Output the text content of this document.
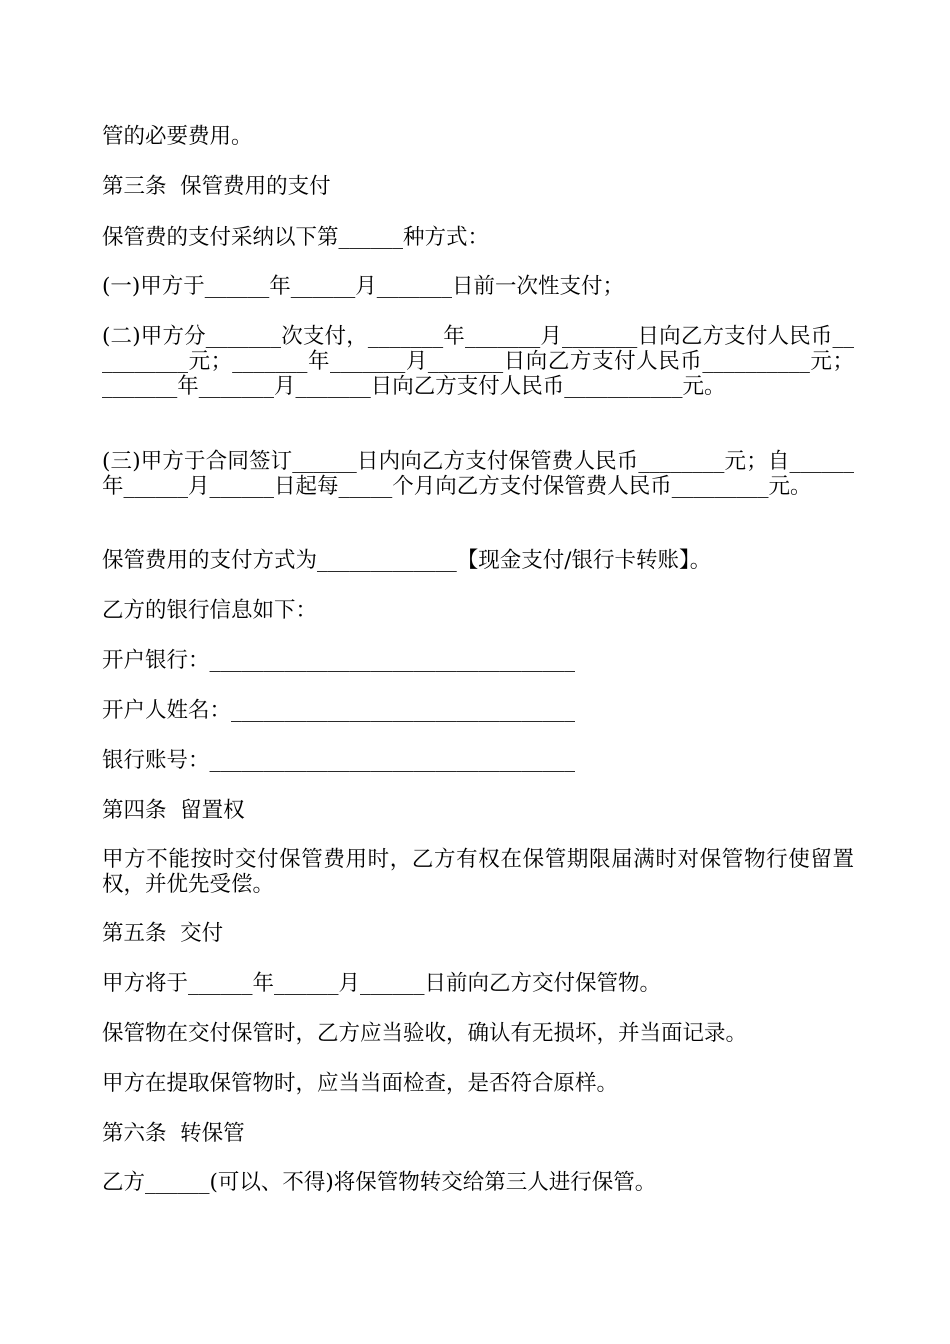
管的必要费用。

第三条  保管费用的支付

保管费的支付采纳以下第______种方式：

(一)甲方于______年______月_______日前一次性支付；

(二)甲方分_______次支付，_______年_______月_______日向乙方支付人民币__________元；_______年_______月_______日向乙方支付人民币__________元；_______年_______月_______日向乙方支付人民币___________元。

(三)甲方于合同签订______日内向乙方支付保管费人民币________元；自______年______月______日起每_____个月向乙方支付保管费人民币_________元。

保管费用的支付方式为_____________【现金支付/银行卡转账】。

乙方的银行信息如下：

开户银行：__________________________________

开户人姓名：________________________________

银行账号：__________________________________

第四条  留置权

甲方不能按时交付保管费用时，乙方有权在保管期限届满时对保管物行使留置权，并优先受偿。

第五条  交付

甲方将于______年______月______日前向乙方交付保管物。

保管物在交付保管时，乙方应当验收，确认有无损坏，并当面记录。

甲方在提取保管物时，应当当面检查，是否符合原样。

第六条  转保管

乙方______(可以、不得)将保管物转交给第三人进行保管。
